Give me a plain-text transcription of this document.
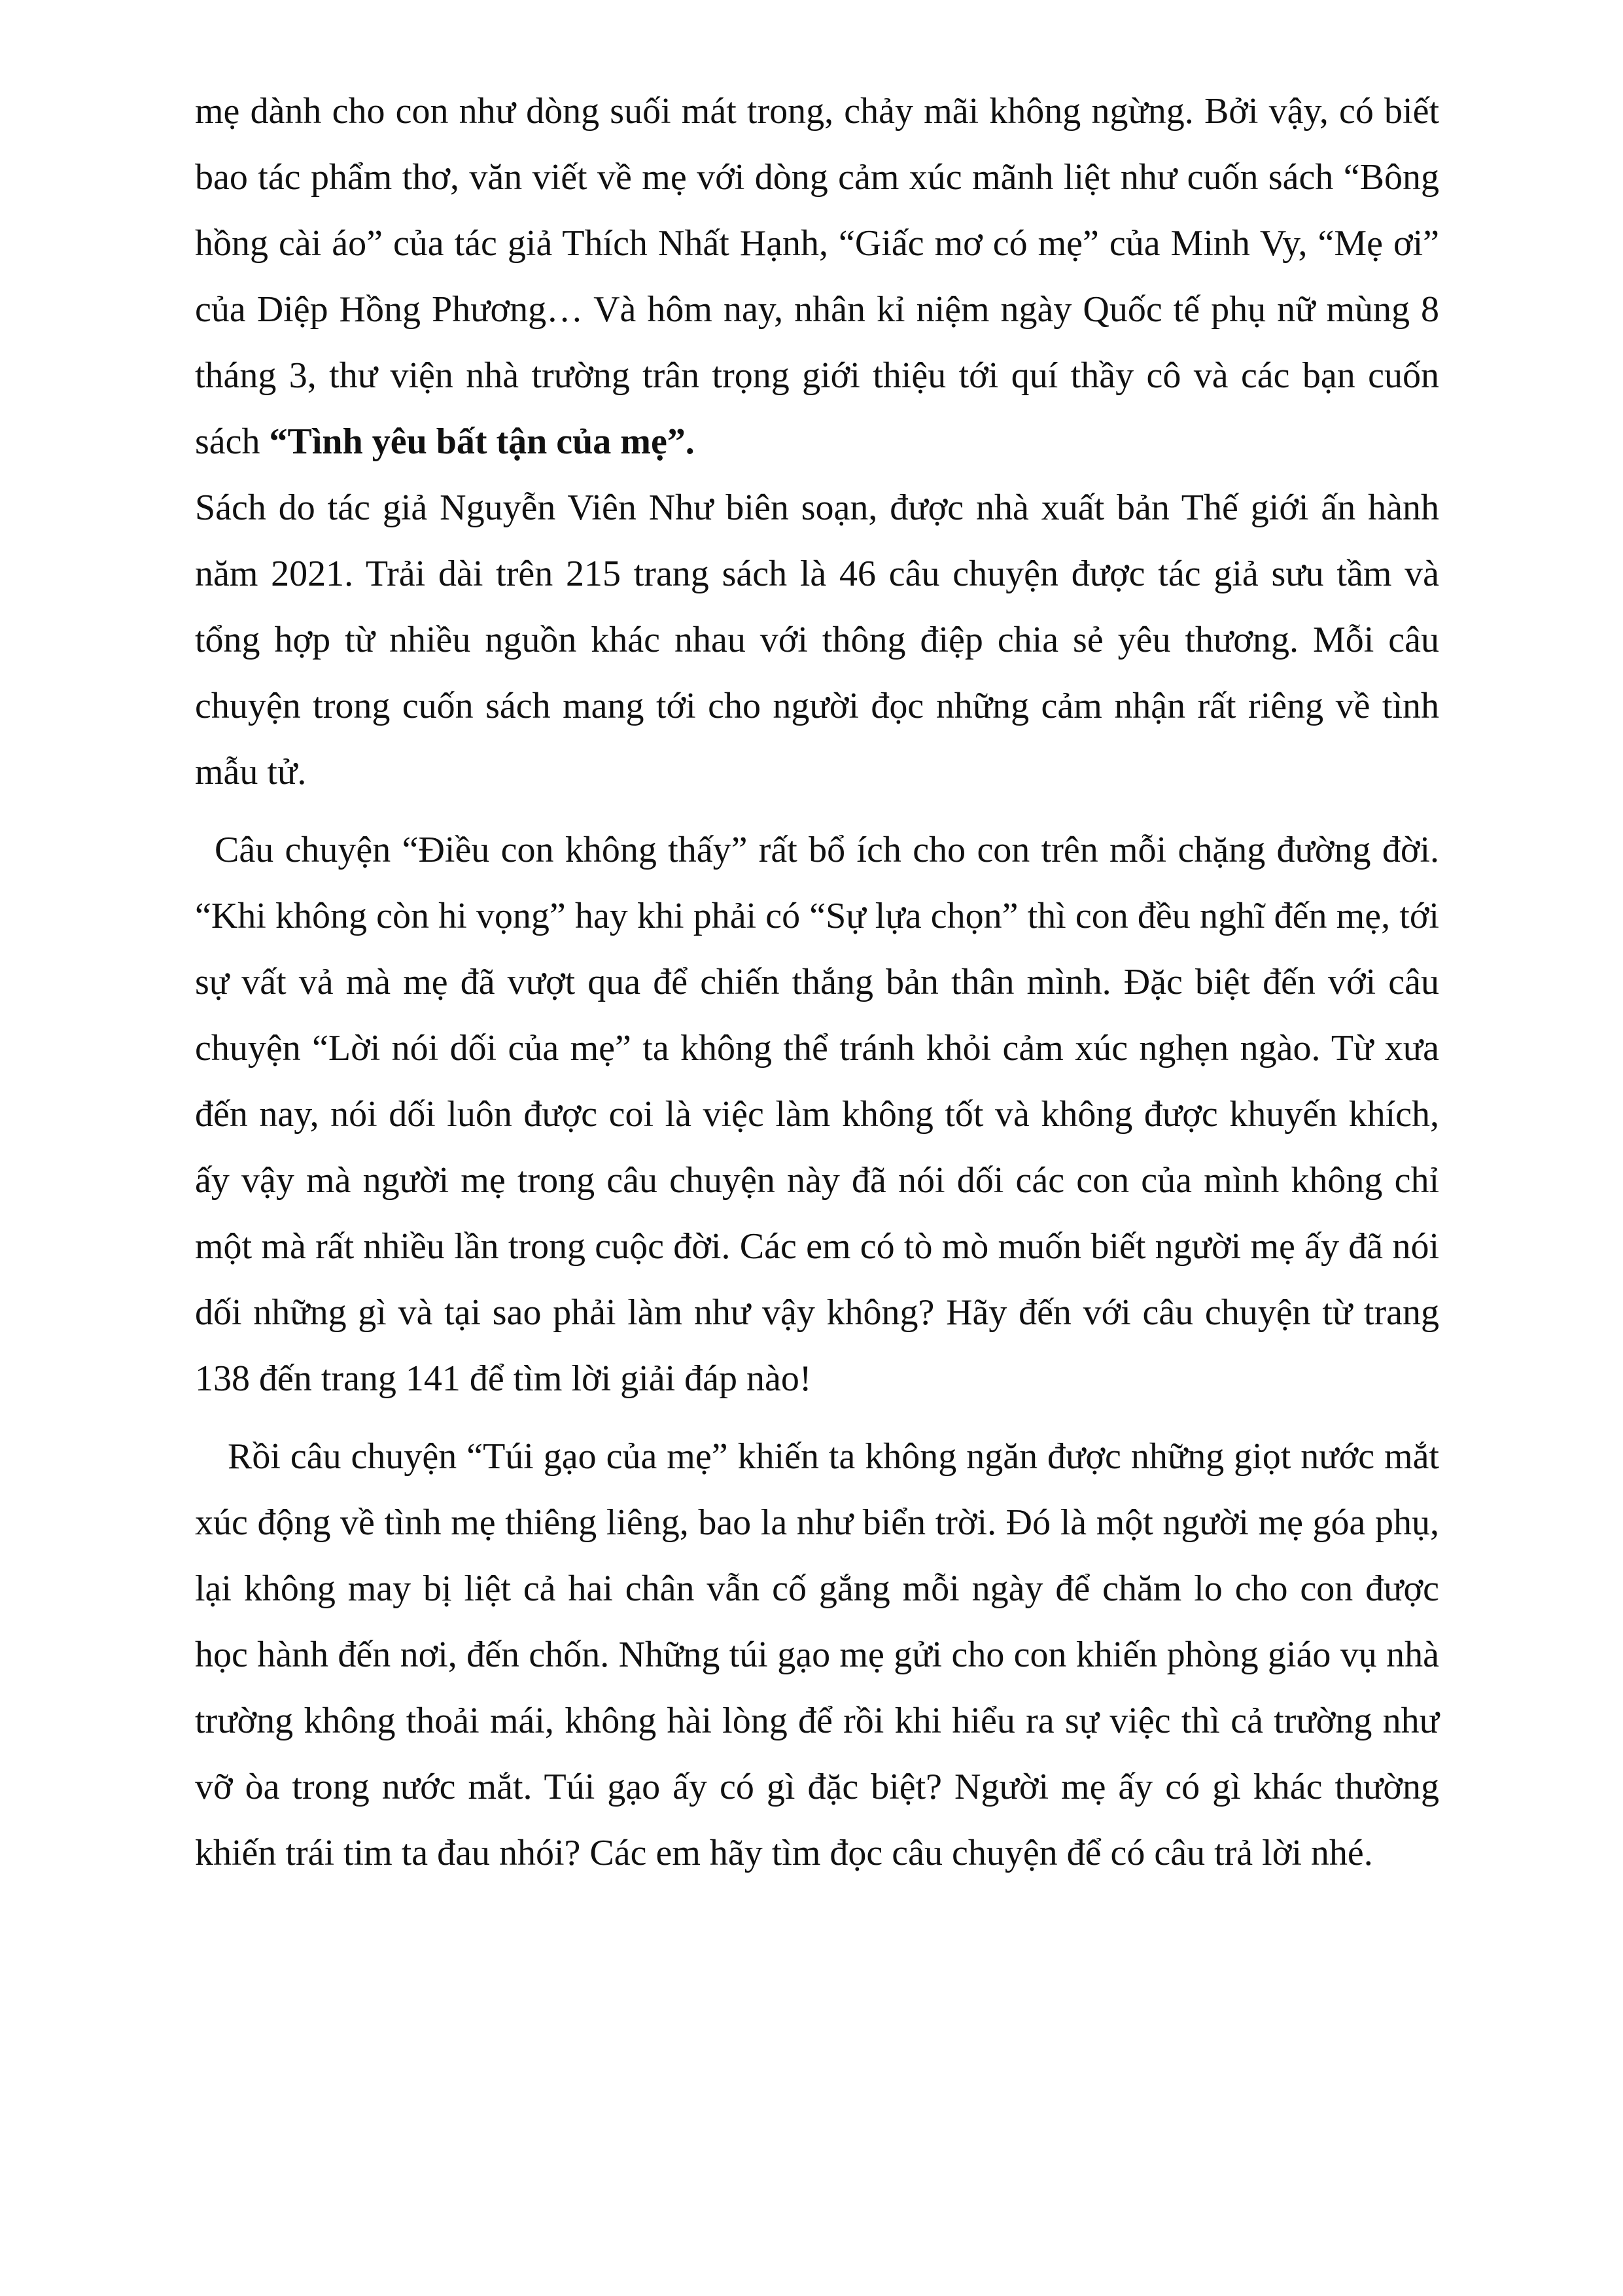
mẹ dành cho con như dòng suối mát trong, chảy mãi không ngừng. Bởi vậy, có biết bao tác phẩm thơ, văn viết về mẹ với dòng cảm xúc mãnh liệt như cuốn sách “Bông hồng cài áo” của tác giả Thích Nhất Hạnh, “Giấc mơ có mẹ” của Minh Vy, “Mẹ ơi” của Diệp Hồng Phương… Và hôm nay, nhân kỉ niệm ngày Quốc tế phụ nữ mùng 8 tháng 3, thư viện nhà trường trân trọng giới thiệu tới quí thầy cô và các bạn cuốn sách “Tình yêu bất tận của mẹ”.

Sách do tác giả Nguyễn Viên Như biên soạn, được nhà xuất bản Thế giới ấn hành năm 2021. Trải dài trên 215 trang sách là 46 câu chuyện được tác giả sưu tầm và tổng hợp từ nhiều nguồn khác nhau với thông điệp chia sẻ yêu thương. Mỗi câu chuyện trong cuốn sách mang tới cho người đọc những cảm nhận rất riêng về tình mẫu tử.

Câu chuyện “Điều con không thấy” rất bổ ích cho con trên mỗi chặng đường đời. “Khi không còn hi vọng” hay khi phải có “Sự lựa chọn” thì con đều nghĩ đến mẹ, tới sự vất vả mà mẹ đã vượt qua để chiến thắng bản thân mình. Đặc biệt đến với câu chuyện “Lời nói dối của mẹ” ta không thể tránh khỏi cảm xúc nghẹn ngào. Từ xưa đến nay, nói dối luôn được coi là việc làm không tốt và không được khuyến khích, ấy vậy mà người mẹ trong câu chuyện này đã nói dối các con của mình không chỉ một mà rất nhiều lần trong cuộc đời. Các em có tò mò muốn biết người mẹ ấy đã nói dối những gì và tại sao phải làm như vậy không? Hãy đến với câu chuyện từ trang 138 đến trang 141 để tìm lời giải đáp nào!

Rồi câu chuyện “Túi gạo của mẹ” khiến ta không ngăn được những giọt nước mắt xúc động về tình mẹ thiêng liêng, bao la như biển trời. Đó là một người mẹ góa phụ, lại không may bị liệt cả hai chân vẫn cố gắng mỗi ngày để chăm lo cho con được học hành đến nơi, đến chốn. Những túi gạo mẹ gửi cho con khiến phòng giáo vụ nhà trường không thoải mái, không hài lòng để rồi khi hiểu ra sự việc thì cả trường như vỡ òa trong nước mắt. Túi gạo ấy có gì đặc biệt? Người mẹ ấy có gì khác thường khiến trái tim ta đau nhói? Các em hãy tìm đọc câu chuyện để có câu trả lời nhé.
